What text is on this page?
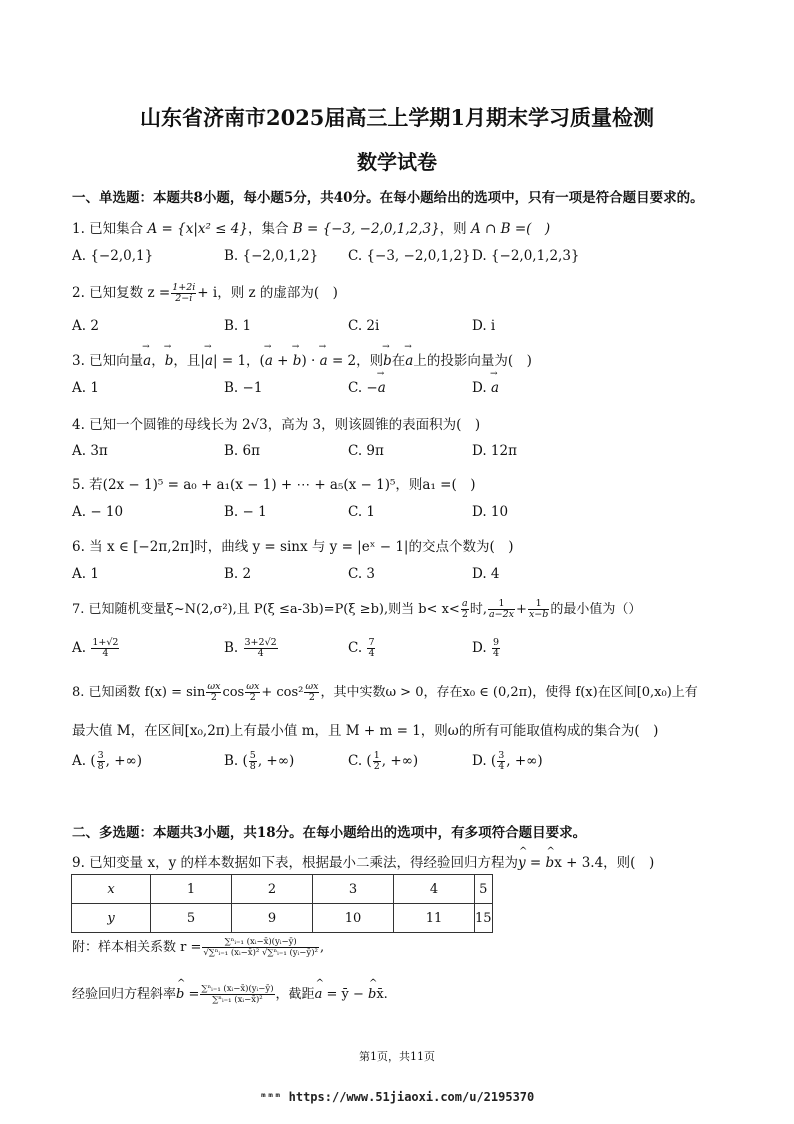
山东省济南市2025届高三上学期1月期末学习质量检测
数学试卷
一、单选题：本题共8小题，每小题5分，共40分。在每小题给出的选项中，只有一项是符合题目要求的。
1. 已知集合 A = {x|x² ≤ 4}，集合 B = {−3, −2,0,1,2,3}，则 A ∩ B =(　)
A. {−2,0,1}	B. {−2,0,1,2} C. {−3, −2,0,1,2} D. {−2,0,1,2,3}
2. 已知复数 $z = \frac{1+2i}{2-i} + i$，则 z 的虚部为(　)
A. 2	B. 1	C. 2i	D. i
3. 已知向量→ a，→ b，且|→ a| = 1，(→ a + → b) · → a = 2，则→ b在→ a上的投影向量为(　)
A. 1	B. −1	C. −→ a	D. → a
4. 已知一个圆锥的母线长为 2√3，高为 3，则该圆锥的表面积为(　)
A. 3π	B. 6π	C. 9π	D. 12π
5. 若(2x − 1)⁵ = a₀ + a₁(x − 1) + ⋯ + a₅(x − 1)⁵，则a₁ =(　)
A. − 10	B. − 1	C. 1	D. 10
6. 当 x ∈ [−2π,2π]时，曲线 y = sinx 与 y = |eˣ − 1|的交点个数为(　)
A. 1	B. 2	C. 3	D. 4
7. 已知随机变量ξ~N(2,σ²),且 P(ξ ≤a-3b)=P(ξ ≥b),则当 $b< x< \frac{a}{2}$ 时, $\frac{1}{a-2x} + \frac{1}{x-b}$ 的最小值为（）
A. $\frac{1+√2}{4}$	B. $\frac{3+2√2}{4}$	C. $\frac{7}{4}$	D. $\frac{9}{4}$
8. 已知函数 $f(x) = \sin \frac{\omega x}{2}$ $\cos \frac{\omega x}{2} + \cos^2 \frac{\omega x}{2}$ ，其中实数ω > 0，存在x₀ ∈ (0,2π)，使得 f(x)在区间[0,x₀)上有
最大值 M，在区间[x₀,2π)上有最小值 m，且 M + m = 1，则ω的所有可能取值构成的集合为(　)
A. ( $\frac{3}{8}$ , +∞)	B. ( $\frac{5}{8}$ , +∞)	C. ( $\frac{1}{2}$ , +∞)	D. ( $\frac{3}{4}$ , +∞)
二、多选题：本题共3小题，共18分。在每小题给出的选项中，有多项符合题目要求。
9. 已知变量 x，y 的样本数据如下表，根据最小二乘法，得经验回归方程为^ y = ^ bx + 3.4，则(　)
x	1	2	3	4	5
y	5	9	10	11	15
附：样本相关系数 $r = \frac{\text{∑ⁿᵢ₌₁ (xᵢ−x̄)(yᵢ−ȳ)}}{\text{√∑ⁿᵢ₌₁ (xᵢ−x̄)² √∑ⁿᵢ₌₁ (yᵢ−ȳ)²}}$ ,
经验回归方程斜率^ $b = \frac{\text{∑ⁿᵢ₌₁ (xᵢ−x̄)(yᵢ−ȳ)}}{\text{∑ⁿᵢ₌₁ (xᵢ−x̄)²}}$ ，截距^ a = ȳ − ^ bx̄.
第1页，共11页
ᵐᵐᵐ https://www.51jiaoxi.com/u/2195370
